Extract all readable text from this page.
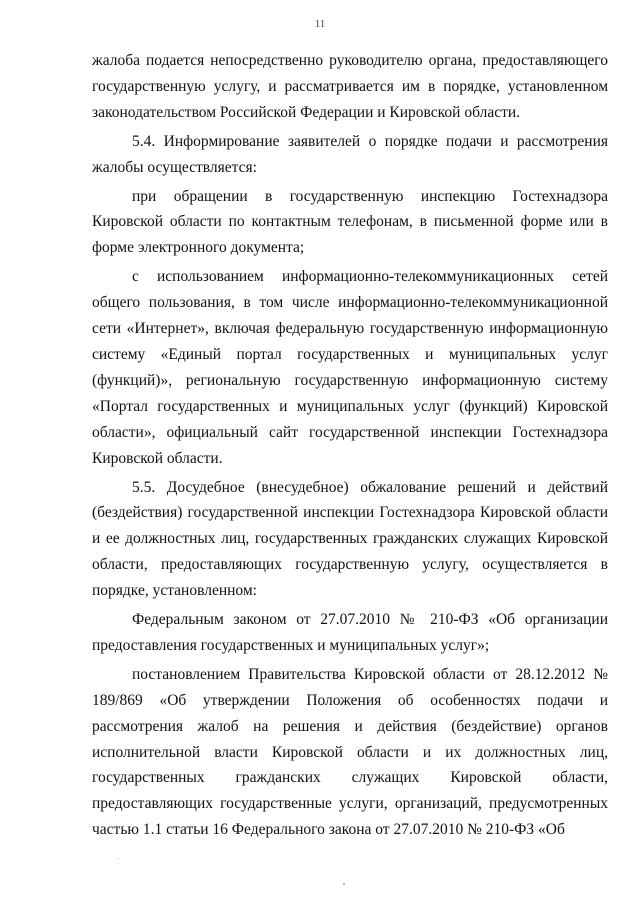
11

жалоба подается непосредственно руководителю органа, предоставляющего государственную услугу, и рассматривается им в порядке, установленном законодательством Российской Федерации и Кировской области.

5.4. Информирование заявителей о порядке подачи и рассмотрения жалобы осуществляется:

при обращении в государственную инспекцию Гостехнадзора Кировской области по контактным телефонам, в письменной форме или в форме электронного документа;

с использованием информационно-телекоммуникационных сетей общего пользования, в том числе информационно-телекоммуникационной сети «Интернет», включая федеральную государственную информационную систему «Единый портал государственных и муниципальных услуг (функций)», региональную государственную информационную систему «Портал государственных и муниципальных услуг (функций) Кировской области», официальный сайт государственной инспекции Гостехнадзора Кировской области.

5.5. Досудебное (внесудебное) обжалование решений и действий (бездействия) государственной инспекции Гостехнадзора Кировской области и ее должностных лиц, государственных гражданских служащих Кировской области, предоставляющих государственную услугу, осуществляется в порядке, установленном:

Федеральным законом от 27.07.2010 № 210-ФЗ «Об организации предоставления государственных и муниципальных услуг»;

постановлением Правительства Кировской области от 28.12.2012 № 189/869 «Об утверждении Положения об особенностях подачи и рассмотрения жалоб на решения и действия (бездействие) органов исполнительной власти Кировской области и их должностных лиц, государственных гражданских служащих Кировской области, предоставляющих государственные услуги, организаций, предусмотренных частью 1.1 статьи 16 Федерального закона от 27.07.2010 № 210-ФЗ «Об
